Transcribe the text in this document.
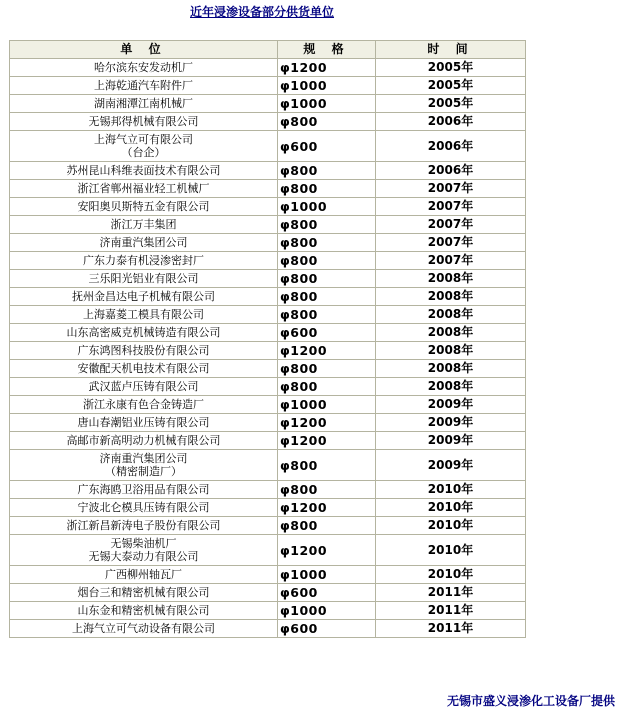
近年浸渗设备部分供货单位
单 位	规 格	时 间

哈尔滨东安发动机厂	φ1200	2005年

上海乾通汽车附件厂	φ1000	2005年

湖南湘潭江南机械厂	φ1000	2005年

无锡邦得机械有限公司	φ800	2006年

上海气立可有限公司
（台企）	φ600	2006年

苏州昆山科维表面技术有限公司	φ800	2006年

浙江省郸州福业轻工机械厂	φ800	2007年

安阳奥贝斯特五金有限公司	φ1000	2007年

浙江万丰集团	φ800	2007年

济南重汽集团公司	φ800	2007年

广东力泰有机浸渗密封厂	φ800	2007年

三乐阳光铝业有限公司	φ800	2008年

抚州金昌达电子机械有限公司	φ800	2008年

上海嘉菱工模具有限公司	φ800	2008年

山东高密威克机械铸造有限公司	φ600	2008年

广东鸿图科技股份有限公司	φ1200	2008年

安徽配天机电技术有限公司	φ800	2008年

武汉蓝卢压铸有限公司	φ800	2008年

浙江永康有色合金铸造厂	φ1000	2009年

唐山春潮铝业压铸有限公司	φ1200	2009年

高邮市新高明动力机械有限公司	φ1200	2009年

济南重汽集团公司
（精密制造厂）	φ800	2009年

广东海鸥卫浴用品有限公司	φ800	2010年

宁波北仑模具压铸有限公司	φ1200	2010年

浙江新昌新涛电子股份有限公司	φ800	2010年

无锡柴油机厂
无锡大泰动力有限公司	φ1200	2010年

广西柳州轴瓦厂	φ1000	2010年

烟台三和精密机械有限公司	φ600	2011年

山东金和精密机械有限公司	φ1000	2011年

上海气立可气动设备有限公司	φ600	2011年
无锡市盛义浸渗化工设备厂提供
